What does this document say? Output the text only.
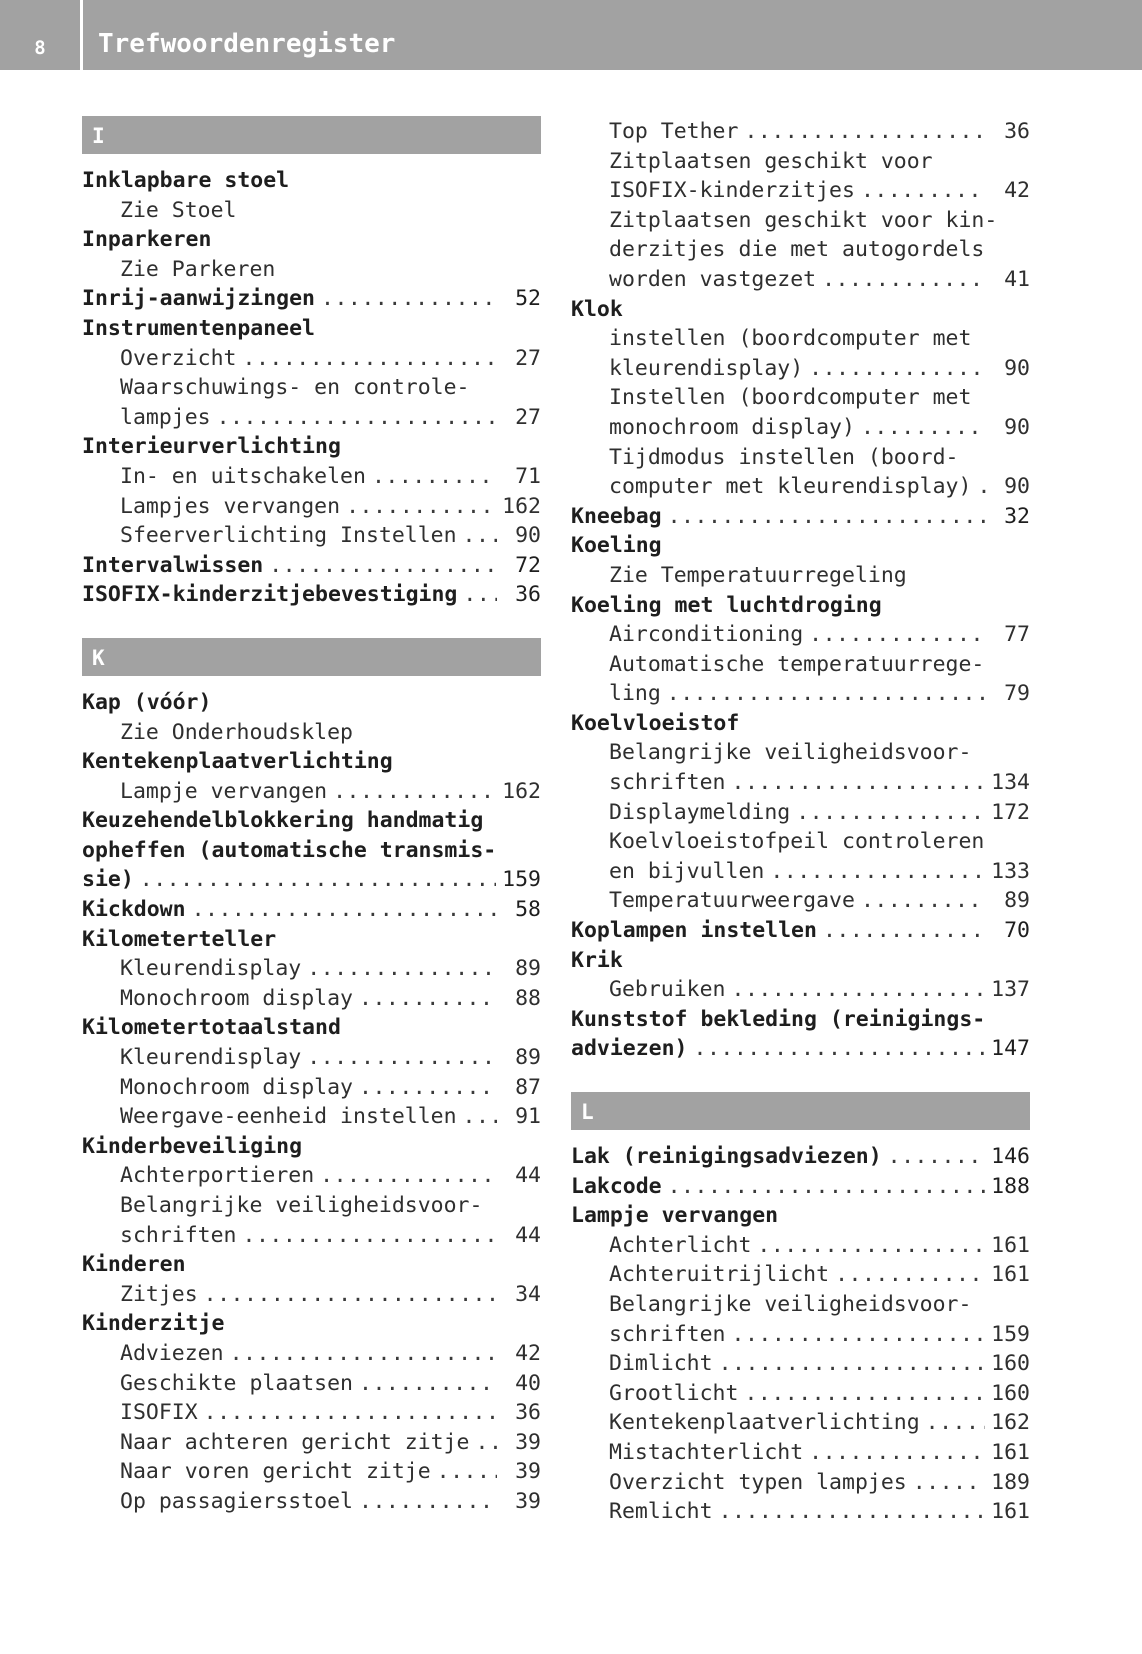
8	Trefwoordenregister
I
Inklapbare stoel
Zie Stoel
Inparkeren
Zie Parkeren
Inrij-aanwijzingen .....	52
Instrumentenpaneel
Overzicht .....	27
Waarschuwings- en controle-
lampjes .....	27
Interieurverlichting
In- en uitschakelen .....	71
Lampjes vervangen .....	162
Sfeerverlichting Instellen .....	90
Intervalwissen .....	72
ISOFIX-kinderzitjebevestiging .....	36
K
Kap (vóór)
Zie Onderhoudsklep
Kentekenplaatverlichting
Lampje vervangen .....	162
Keuzehendelblokkering handmatig
opheffen (automatische transmis-
sie) .....	159
Kickdown .....	58
Kilometerteller
Kleurendisplay .....	89
Monochroom display .....	88
Kilometertotaalstand
Kleurendisplay .....	89
Monochroom display .....	87
Weergave-eenheid instellen .....	91
Kinderbeveiliging
Achterportieren .....	44
Belangrijke veiligheidsvoor-
schriften .....	44
Kinderen
Zitjes .....	34
Kinderzitje
Adviezen .....	42
Geschikte plaatsen .....	40
ISOFIX .....	36
Naar achteren gericht zitje .....	39
Naar voren gericht zitje .....	39
Op passagiersstoel .....	39
Top Tether .....	36
Zitplaatsen geschikt voor
ISOFIX-kinderzitjes .....	42
Zitplaatsen geschikt voor kin-
derzitjes die met autogordels
worden vastgezet .....	41
Klok
instellen (boordcomputer met
kleurendisplay) .....	90
Instellen (boordcomputer met
monochroom display) .....	90
Tijdmodus instellen (boord-
computer met kleurendisplay) .....	90
Kneebag .....	32
Koeling
Zie Temperatuurregeling
Koeling met luchtdroging
Airconditioning .....	77
Automatische temperatuurrege-
ling .....	79
Koelvloeistof
Belangrijke veiligheidsvoor-
schriften .....	134
Displaymelding .....	172
Koelvloeistofpeil controleren
en bijvullen .....	133
Temperatuurweergave .....	89
Koplampen instellen .....	70
Krik
Gebruiken .....	137
Kunststof bekleding (reinigings-
adviezen) .....	147
L
Lak (reinigingsadviezen) .....	146
Lakcode .....	188
Lampje vervangen
Achterlicht .....	161
Achteruitrijlicht .....	161
Belangrijke veiligheidsvoor-
schriften .....	159
Dimlicht .....	160
Grootlicht .....	160
Kentekenplaatverlichting .....	162
Mistachterlicht .....	161
Overzicht typen lampjes .....	189
Remlicht .....	161
